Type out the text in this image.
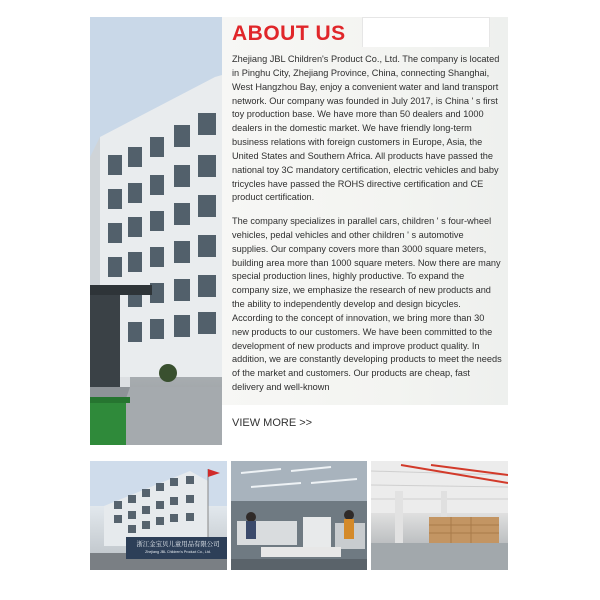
ABOUT US

Zhejiang JBL Children's Product Co., Ltd. The company is located in Pinghu City, Zhejiang Province, China, connecting Shanghai, West Hangzhou Bay, enjoy a convenient water and land transport network. Our company was founded in July 2017, is China ' s first toy production base. We have more than 50 dealers and 1000 dealers in the domestic market. We have friendly long-term business relations with foreign customers in Europe, Asia, the United States and Southern Africa. All products have passed the national toy 3C mandatory certification, electric vehicles and baby tricycles have passed the ROHS directive certification and CE product certification.

The company specializes in parallel cars, children ' s four-wheel vehicles, pedal vehicles and other children ' s automotive supplies. Our company covers more than 3000 square meters, building area more than 1000 square meters. Now there are many special production lines, highly productive. To expand the company size, we emphasize the research of new products and the ability to independently develop and design bicycles. According to the concept of innovation, we bring more than 30 new products to our customers. We have been committed to the development of new products and improve product quality. In addition, we are constantly developing products to meet the needs of the market and customers. Our products are cheap, fast delivery and well-known

VIEW MORE >>
浙江金宝贝儿童用品有限公司
Zhejiang JBL Children's Product Co., Ltd.
